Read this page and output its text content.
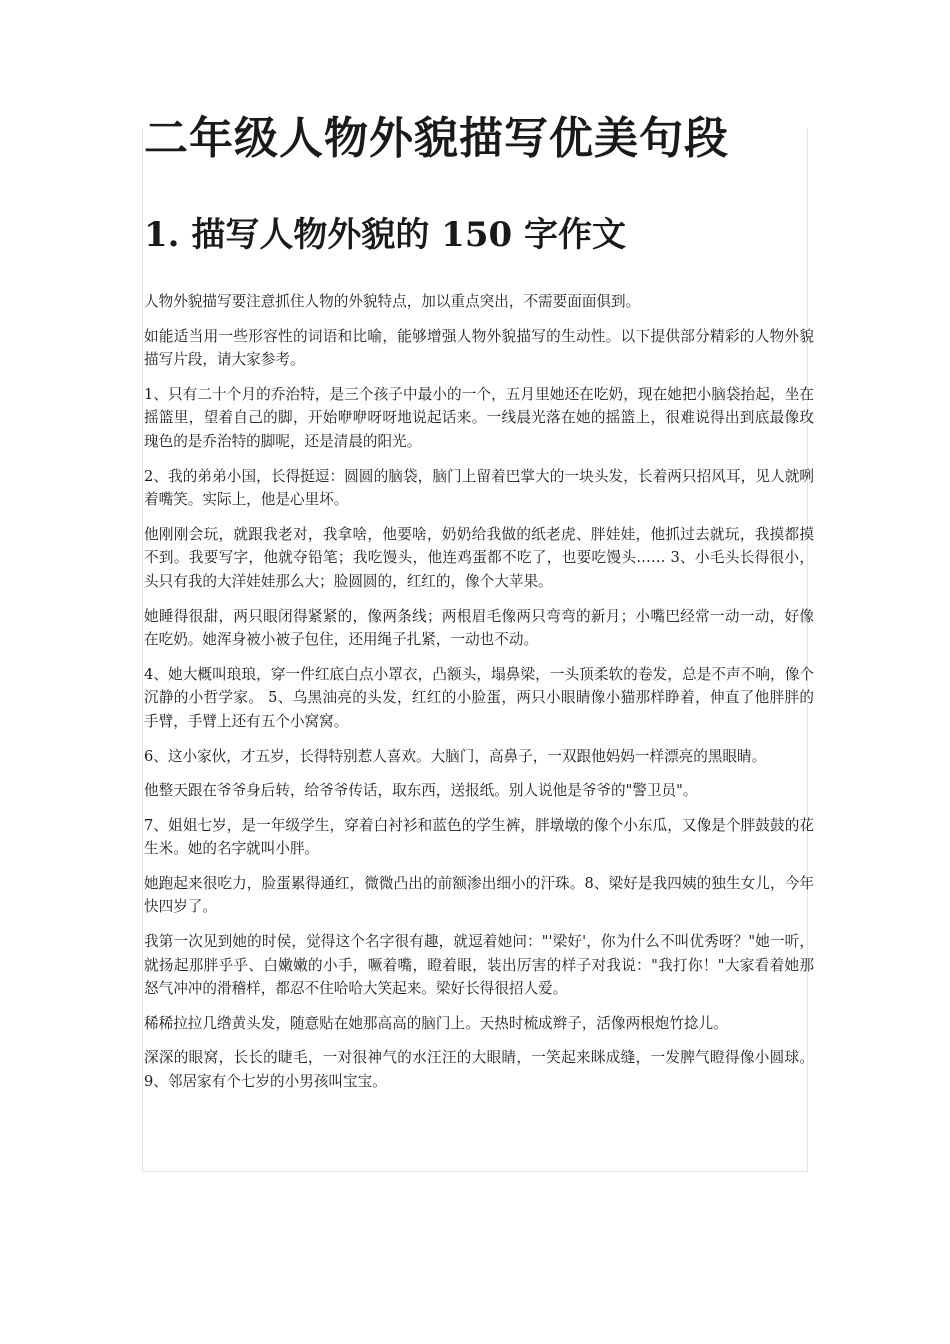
二年级人物外貌描写优美句段
1. 描写人物外貌的 150 字作文

人物外貌描写要注意抓住人物的外貌特点，加以重点突出，不需要面面俱到。

如能适当用一些形容性的词语和比喻，能够增强人物外貌描写的生动性。以下提供部分精彩的人物外貌描写片段，请大家参考。

1、只有二十个月的乔治特，是三个孩子中最小的一个，五月里她还在吃奶，现在她把小脑袋抬起，坐在摇篮里，望着自己的脚，开始咿咿呀呀地说起话来。一线晨光落在她的摇篮上，很难说得出到底最像玫瑰色的是乔治特的脚呢，还是清晨的阳光。

2、我的弟弟小国，长得挺逗：圆圆的脑袋，脑门上留着巴掌大的一块头发，长着两只招风耳，见人就咧着嘴笑。实际上，他是心里坏。

他刚刚会玩，就跟我老对，我拿啥，他要啥，奶奶给我做的纸老虎、胖娃娃，他抓过去就玩，我摸都摸不到。我要写字，他就夺铅笔；我吃馒头，他连鸡蛋都不吃了，也要吃馒头…… 3、小毛头长得很小，头只有我的大洋娃娃那么大；脸圆圆的，红红的，像个大苹果。

她睡得很甜，两只眼闭得紧紧的，像两条线；两根眉毛像两只弯弯的新月；小嘴巴经常一动一动，好像在吃奶。她浑身被小被子包住，还用绳子扎紧，一动也不动。

4、她大概叫琅琅，穿一件红底白点小罩衣，凸额头，塌鼻梁，一头顶柔软的卷发，总是不声不响，像个沉静的小哲学家。 5、乌黑油亮的头发，红红的小脸蛋，两只小眼睛像小猫那样睁着，伸直了他胖胖的手臂，手臂上还有五个小窝窝。

6、这小家伙，才五岁，长得特别惹人喜欢。大脑门，高鼻子，一双跟他妈妈一样漂亮的黑眼睛。

他整天跟在爷爷身后转，给爷爷传话，取东西，送报纸。别人说他是爷爷的"警卫员"。

7、姐姐七岁，是一年级学生，穿着白衬衫和蓝色的学生裤，胖墩墩的像个小东瓜，又像是个胖鼓鼓的花生米。她的名字就叫小胖。

她跑起来很吃力，脸蛋累得通红，微微凸出的前额渗出细小的汗珠。8、梁好是我四姨的独生女儿，今年快四岁了。

我第一次见到她的时侯，觉得这个名字很有趣，就逗着她问："'梁好'，你为什么不叫优秀呀？"她一听，就扬起那胖乎乎、白嫩嫩的小手，噘着嘴，瞪着眼，装出厉害的样子对我说："我打你！"大家看着她那怒气冲冲的滑稽样，都忍不住哈哈大笑起来。梁好长得很招人爱。

稀稀拉拉几绺黄头发，随意贴在她那高高的脑门上。天热时梳成辫子，活像两根炮竹捻儿。

深深的眼窝，长长的睫毛，一对很神气的水汪汪的大眼睛，一笑起来眯成缝，一发脾气瞪得像小圆球。 9、邻居家有个七岁的小男孩叫宝宝。
